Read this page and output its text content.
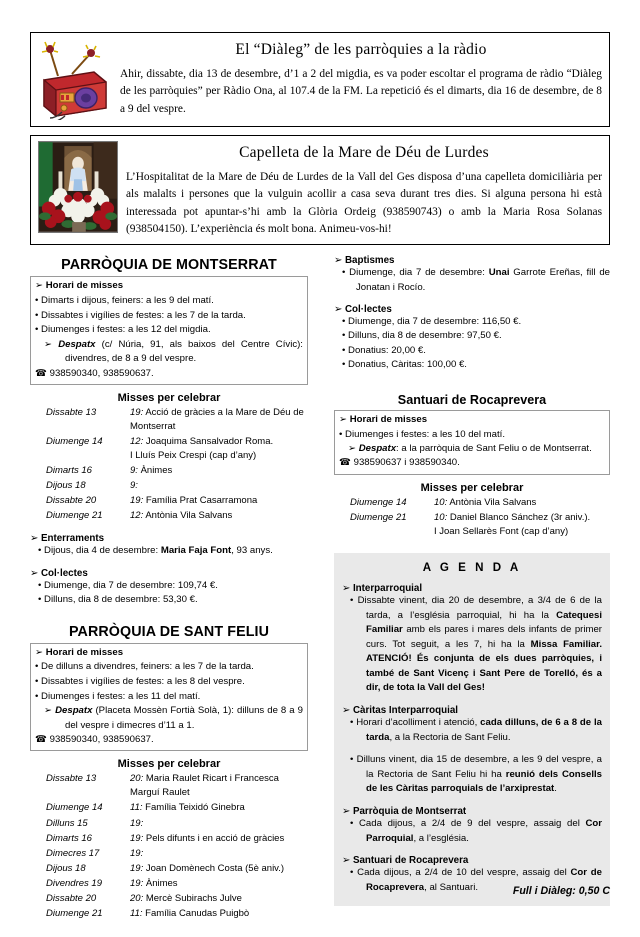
El “Diàleg” de les parròquies a la ràdio
Ahir, dissabte, dia 13 de desembre, d’1 a 2 del migdia, es va poder escoltar el programa de ràdio “Diàleg de les parròquies” per Ràdio Ona, al 107.4 de la FM. La repetició és el dimarts, dia 16 de desembre, de 8 a 9 del vespre.
Capelleta de la Mare de Déu de Lurdes
L’Hospitalitat de la Mare de Déu de Lurdes de la Vall del Ges disposa d’una capelleta domiciliària per als malalts i persones que la vulguin acollir a casa seva durant tres dies. Si alguna persona hi està interessada pot apuntar-s’hi amb la Glòria Ordeig (938590743) o amb la Maria Rosa Solanas (938504150). L’experiència és molt bona. Animeu-vos-hi!
PARRÒQUIA DE MONTSERRAT
➢ Horari de misses
• Dimarts i dijous, feiners: a les 9 del matí.
• Dissabtes i vigílies de festes: a les 7 de la tarda.
• Diumenges i festes: a les 12 del migdia.
➢ Despatx (c/ Núria, 91, als baixos del Centre Cívic): divendres, de 8 a 9 del vespre.
☎ 938590340, 938590637.
Misses per celebrar
Dissabte 13	19: Acció de gràcies a la Mare de Déu de Montserrat
Diumenge 14	12: Joaquima Sansalvador Roma.
I Lluís Peix Crespi (cap d’any)
Dimarts 16	9: Ànimes
Dijous 18	9:
Dissabte 20	19: Família Prat Casarramona
Diumenge 21	12: Antònia Vila Salvans
➢ Enterraments
• Dijous, dia 4 de desembre: Maria Faja Font, 93 anys.
➢ Col·lectes
• Diumenge, dia 7 de desembre: 109,74 €.
• Dilluns, dia 8 de desembre: 53,30 €.
PARRÒQUIA DE SANT FELIU
➢ Horari de misses
• De dilluns a divendres, feiners: a les 7 de la tarda.
• Dissabtes i vigílies de festes: a les 8 del vespre.
• Diumenges i festes: a les 11 del matí.
➢ Despatx (Placeta Mossèn Fortià Solà, 1): dilluns de 8 a 9 del vespre i dimecres d’11 a 1.
☎ 938590340, 938590637.
Misses per celebrar
Dissabte 13	20: Maria Raulet Ricart i Francesca Marguí Raulet
Diumenge 14	11: Família Teixidó Ginebra
Dilluns 15	19:
Dimarts 16	19: Pels difunts i en acció de gràcies
Dimecres 17	19:
Dijous 18	19: Joan Domènech Costa (5è aniv.)
Divendres 19	19: Ànimes
Dissabte 20	20: Mercè Subirachs Julve
Diumenge 21	11: Família Canudas Puigbò
➢ Baptismes
• Diumenge, dia 7 de desembre: Unai Garrote Ereñas, fill de Jonatan i Rocío.
➢ Col·lectes
• Diumenge, dia 7 de desembre: 116,50 €.
• Dilluns, dia 8 de desembre: 97,50 €.
• Donatius: 20,00 €.
• Donatius, Càritas: 100,00 €.
Santuari de Rocaprevera
➢ Horari de misses
• Diumenges i festes: a les 10 del matí.
➢ Despatx: a la parròquia de Sant Feliu o de Montserrat.
☎ 938590637 i 938590340.
Misses per celebrar
Diumenge 14	10: Antònia Vila Salvans
Diumenge 21	10: Daniel Blanco Sánchez (3r aniv.).
I Joan Sellarès Font (cap d’any)
A G E N D A
➢ Interparroquial
• Dissabte vinent, dia 20 de desembre, a 3/4 de 6 de la tarda, a l’església parroquial, hi ha la Catequesi Familiar amb els pares i mares dels infants de primer curs. Tot seguit, a les 7, hi ha la Missa Familiar. ATENCIÓ! És conjunta de els dues parròquies, i també de Sant Vicenç i Sant Pere de Torelló, és a dir, de tota la Vall del Ges!
➢ Càritas Interparroquial
• Horari d’acolliment i atenció, cada dilluns, de 6 a 8 de la tarda, a la Rectoria de Sant Feliu.
• Dilluns vinent, dia 15 de desembre, a les 9 del vespre, a la Rectoria de Sant Feliu hi ha reunió dels Consells de les Càritas parroquials de l’arxiprestat.
➢ Parròquia de Montserrat
• Cada dijous, a 2/4 de 9 del vespre, assaig del Cor Parroquial, a l’església.
➢ Santuari de Rocaprevera
• Cada dijous, a 2/4 de 10 del vespre, assaig del Cor de Rocaprevera, al Santuari.	Full i Diàleg: 0,50 C
